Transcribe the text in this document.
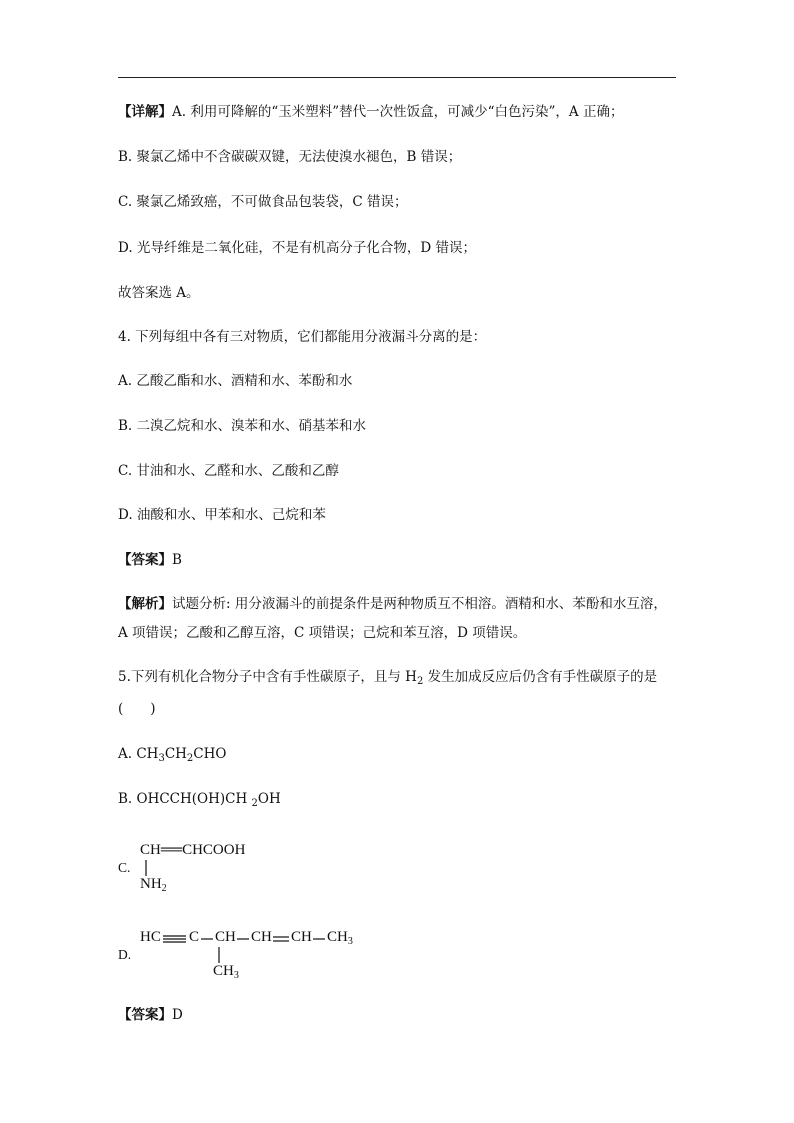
【详解】A. 利用可降解的“玉米塑料”替代一次性饭盒，可减少“白色污染”，A 正确；
B. 聚氯乙烯中不含碳碳双键，无法使溴水褪色，B 错误；
C. 聚氯乙烯致癌，不可做食品包装袋，C 错误；
D. 光导纤维是二氧化硅，不是有机高分子化合物，D 错误；
故答案选 A。
4. 下列每组中各有三对物质，它们都能用分液漏斗分离的是：
A. 乙酸乙酯和水、酒精和水、苯酚和水
B. 二溴乙烷和水、溴苯和水、硝基苯和水
C. 甘油和水、乙醛和水、乙酸和乙醇
D. 油酸和水、甲苯和水、己烷和苯
【答案】B
【解析】试题分析: 用分液漏斗的前提条件是两种物质互不相溶。酒精和水、苯酚和水互溶，
A 项错误；乙酸和乙醇互溶，C 项错误；己烷和苯互溶，D 项错误。
5.下列有机化合物分子中含有手性碳原子，且与 $H_2$ 发生加成反应后仍含有手性碳原子的是
(　　)
A. $CH_3CH_2CHO$
B. OHCCH(OH)CH $_2$OH
C.
CH══CHCOOH
$NH_2$
D.
HC C CH CH CH $CH_3$
$CH_3$
【答案】D
